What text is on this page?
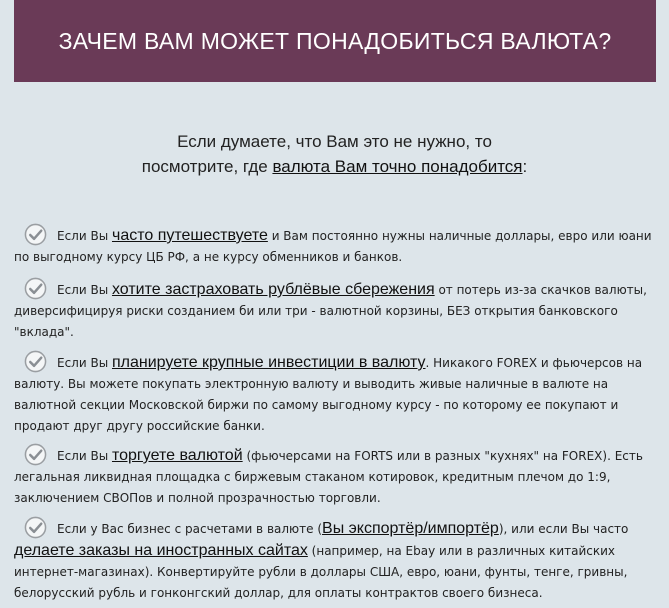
ЗАЧЕМ ВАМ МОЖЕТ ПОНАДОБИТЬСЯ ВАЛЮТА?
Если думаете, что Вам это не нужно, то
посмотрите, где валюта Вам точно понадобится:

Если Вы часто путешествуете и Вам постоянно нужны наличные доллары, евро или юани по выгодному курсу ЦБ РФ, а не курсу обменников и банков.

Если Вы хотите застраховать рублёвые сбережения от потерь из-за скачков валюты, диверсифицируя риски созданием би или три - валютной корзины, БЕЗ открытия банковского "вклада".

Если Вы планируете крупные инвестиции в валюту. Никакого FOREX и фьючерсов на валюту. Вы можете покупать электронную валюту и выводить живые наличные в валюте на валютной секции Московской биржи по самому выгодному курсу - по которому ее покупают и продают друг другу российские банки.

Если Вы торгуете валютой (фьючерсами на FORTS или в разных "кухнях" на FOREX). Есть легальная ликвидная площадка с биржевым стаканом котировок, кредитным плечом до 1:9, заключением СВОПов и полной прозрачностью торговли.

Если у Вас бизнес с расчетами в валюте (Вы экспортёр/импортёр), или если Вы часто делаете заказы на иностранных сайтах (например, на Ebay или в различных китайских интернет-магазинах). Конвертируйте рубли в доллары США, евро, юани, фунты, тенге, гривны, белорусский рубль и гонконгский доллар, для оплаты контрактов своего бизнеса.
